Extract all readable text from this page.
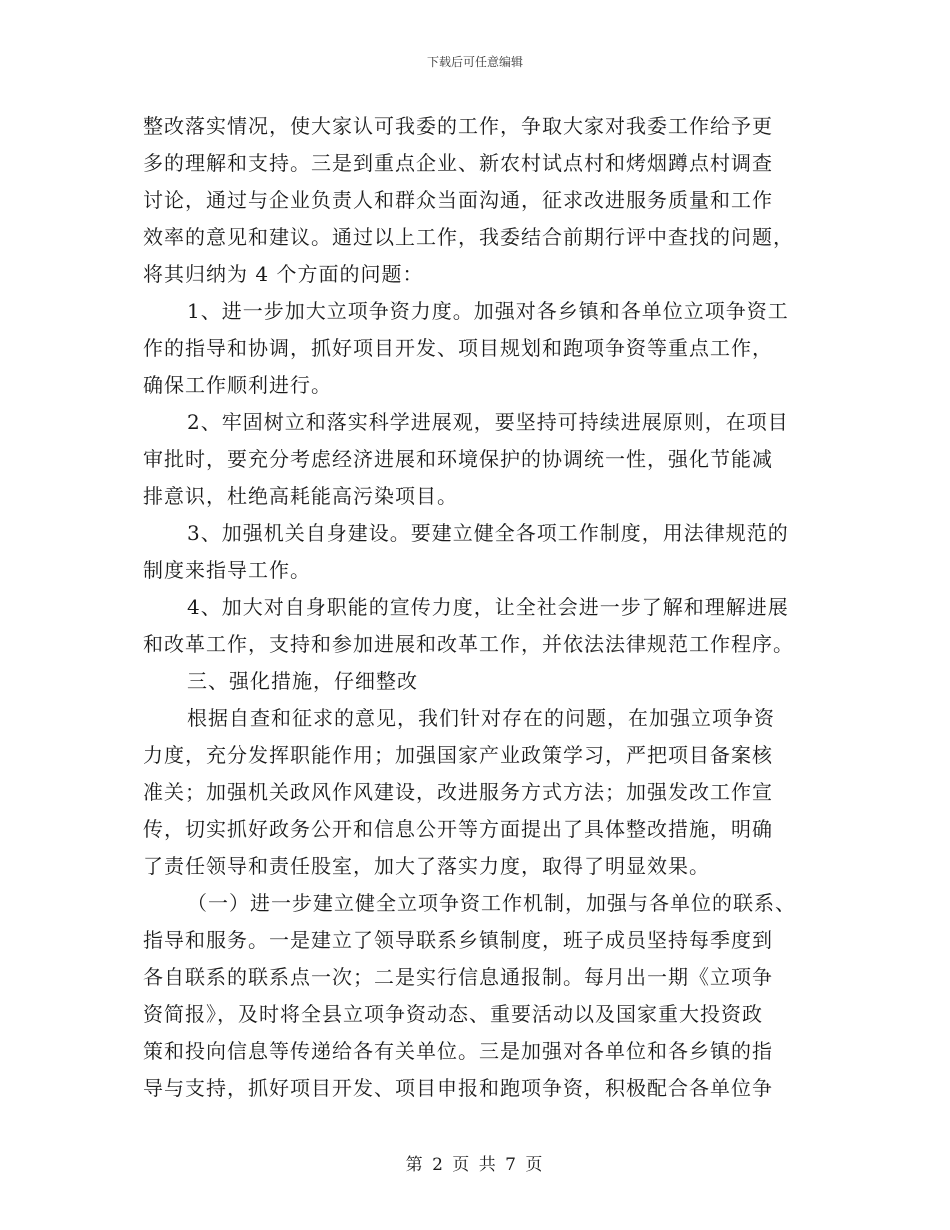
下载后可任意编辑
整改落实情况，使大家认可我委的工作，争取大家对我委工作给予更
多的理解和支持。三是到重点企业、新农村试点村和烤烟蹲点村调查
讨论，通过与企业负责人和群众当面沟通，征求改进服务质量和工作
效率的意见和建议。通过以上工作，我委结合前期行评中查找的问题，
将其归纳为 4 个方面的问题：
1、进一步加大立项争资力度。加强对各乡镇和各单位立项争资工
作的指导和协调，抓好项目开发、项目规划和跑项争资等重点工作，
确保工作顺利进行。
2、牢固树立和落实科学进展观，要坚持可持续进展原则，在项目
审批时，要充分考虑经济进展和环境保护的协调统一性，强化节能减
排意识，杜绝高耗能高污染项目。
3、加强机关自身建设。要建立健全各项工作制度，用法律规范的
制度来指导工作。
4、加大对自身职能的宣传力度，让全社会进一步了解和理解进展
和改革工作，支持和参加进展和改革工作，并依法法律规范工作程序。
三、强化措施，仔细整改
根据自查和征求的意见，我们针对存在的问题，在加强立项争资
力度，充分发挥职能作用；加强国家产业政策学习，严把项目备案核
准关；加强机关政风作风建设，改进服务方式方法；加强发改工作宣
传，切实抓好政务公开和信息公开等方面提出了具体整改措施，明确
了责任领导和责任股室，加大了落实力度，取得了明显效果。
（一）进一步建立健全立项争资工作机制，加强与各单位的联系、
指导和服务。一是建立了领导联系乡镇制度，班子成员坚持每季度到
各自联系的联系点一次；二是实行信息通报制。每月出一期《立项争
资简报》，及时将全县立项争资动态、重要活动以及国家重大投资政
策和投向信息等传递给各有关单位。三是加强对各单位和各乡镇的指
导与支持，抓好项目开发、项目申报和跑项争资，积极配合各单位争
第 2 页 共 7 页
